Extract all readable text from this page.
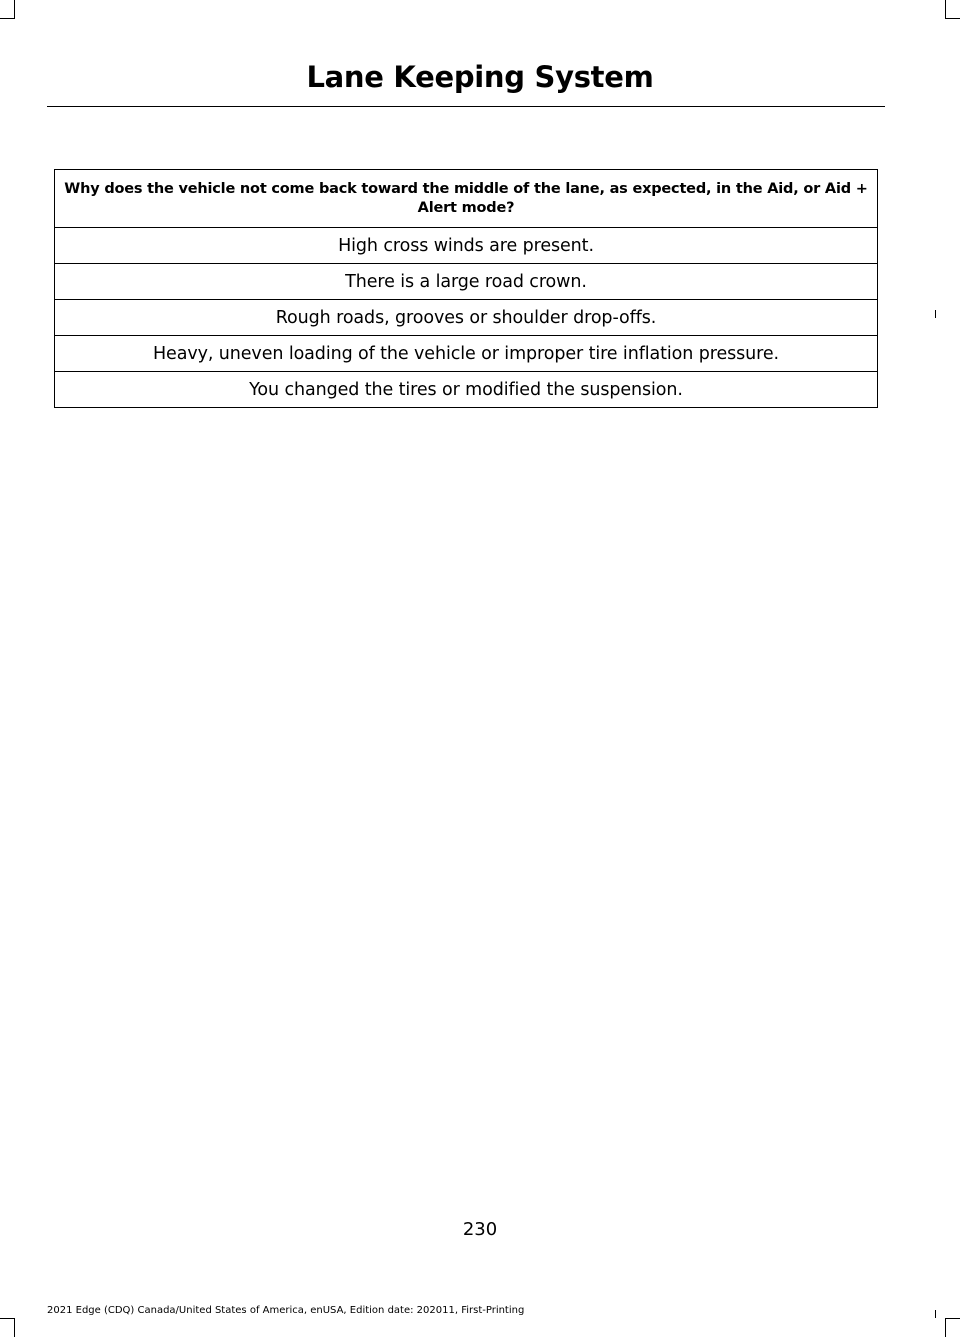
Lane Keeping System
Why does the vehicle not come back toward the middle of the lane, as expected, in the Aid, or Aid + Alert mode?
High cross winds are present.
There is a large road crown.
Rough roads, grooves or shoulder drop-offs.
Heavy, uneven loading of the vehicle or improper tire inflation pressure.
You changed the tires or modified the suspension.
230
2021 Edge (CDQ) Canada/United States of America, enUSA, Edition date: 202011, First-Printing
